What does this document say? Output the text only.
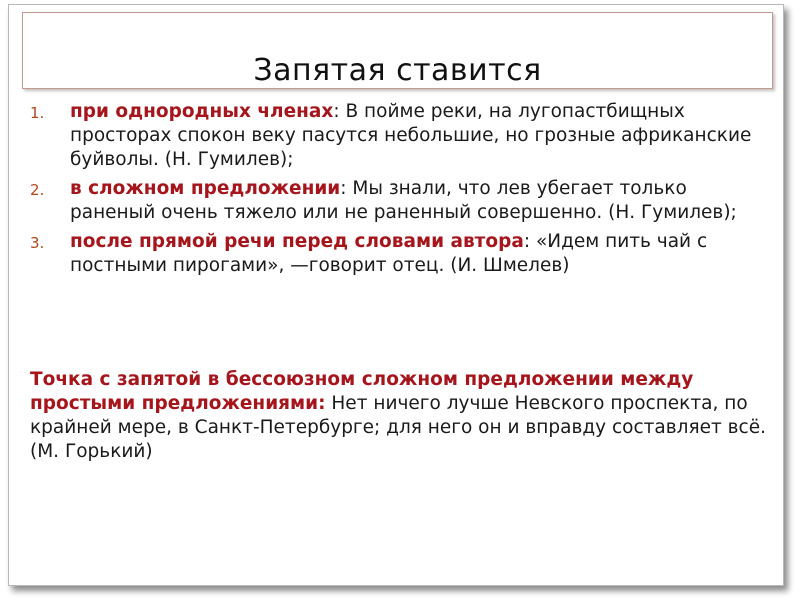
Запятая ставится
1. при однородных членах: В пойме реки, на лугопастбищных просторах спокон веку пасутся небольшие, но грозные африканские буйволы. (Н. Гумилев);
2. в сложном предложении: Мы знали, что лев убегает только раненый очень тяжело или не раненный совершенно. (Н. Гумилев);
3. после прямой речи перед словами автора: «Идем пить чай с постными пирогами», —говорит отец. (И. Шмелев)
Точка с запятой в бессоюзном сложном предложении между простыми предложениями: Нет ничего лучше Невского проспекта, по крайней мере, в Санкт-Петербурге; для него он и вправду составляет всё. (М. Горький)
